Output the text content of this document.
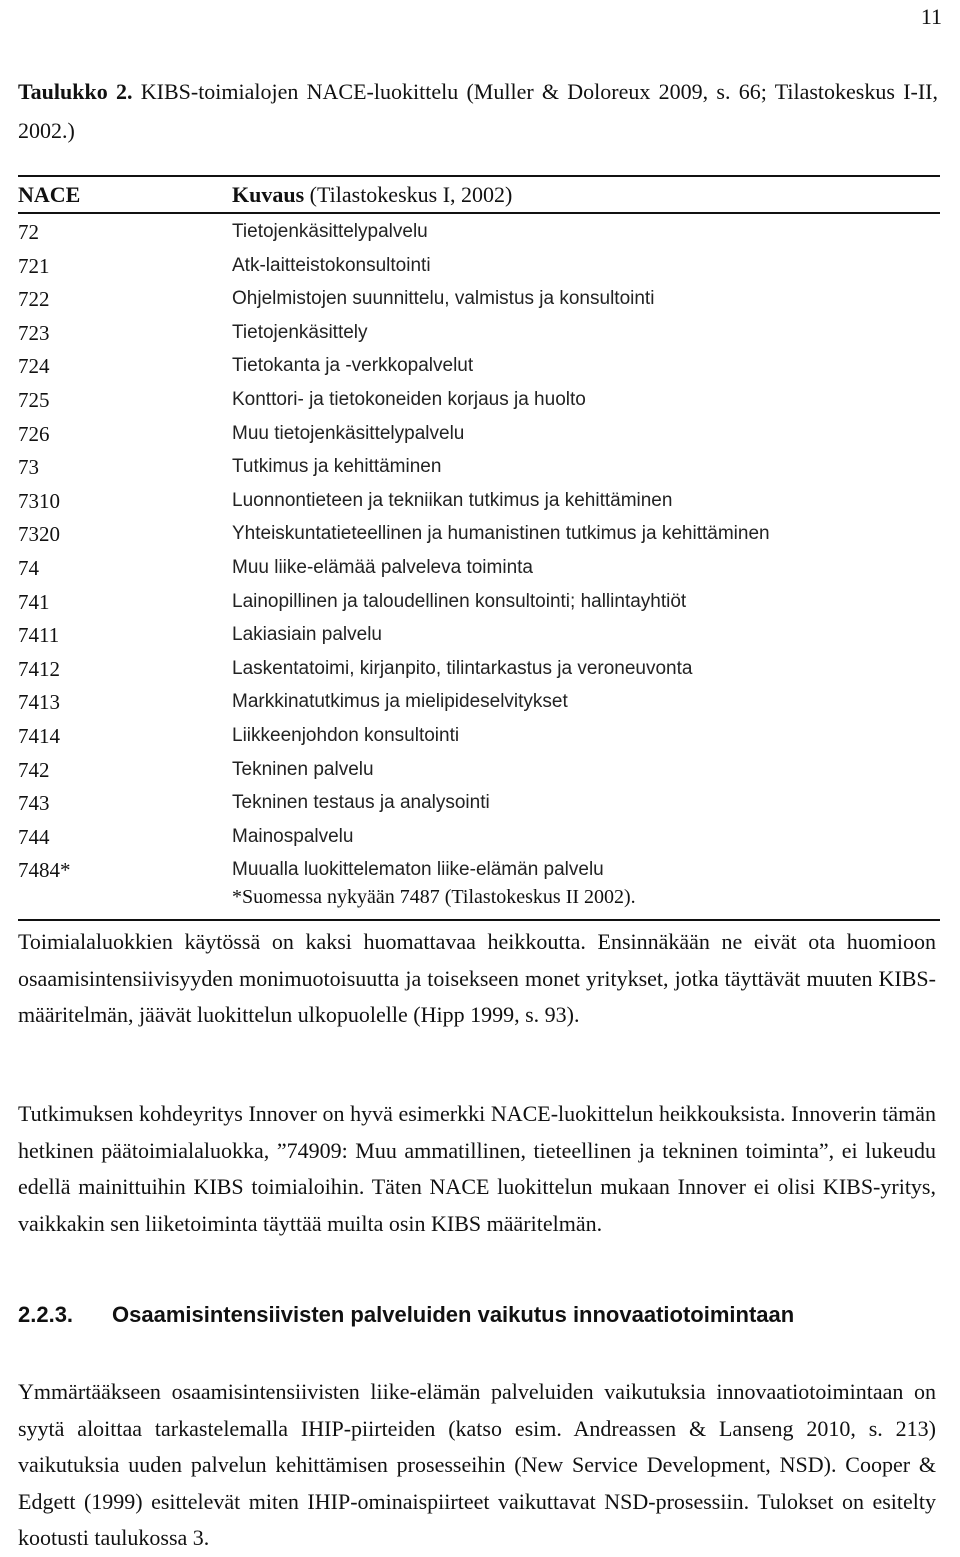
11
Taulukko 2. KIBS-toimialojen NACE-luokittelu (Muller & Doloreux 2009, s. 66; Tilastokeskus I-II, 2002.)
NACE	Kuvaus (Tilastokeskus I, 2002)
72	Tietojenkäsittelypalvelu
721	Atk-laitteistokonsultointi
722	Ohjelmistojen suunnittelu, valmistus ja konsultointi
723	Tietojenkäsittely
724	Tietokanta ja -verkkopalvelut
725	Konttori- ja tietokoneiden korjaus ja huolto
726	Muu tietojenkäsittelypalvelu
73	Tutkimus ja kehittäminen
7310	Luonnontieteen ja tekniikan tutkimus ja kehittäminen
7320	Yhteiskuntatieteellinen ja humanistinen tutkimus ja kehittäminen
74	Muu liike-elämää palveleva toiminta
741	Lainopillinen ja taloudellinen konsultointi; hallintayhtiöt
7411	Lakiasiain palvelu
7412	Laskentatoimi, kirjanpito, tilintarkastus ja veroneuvonta
7413	Markkinatutkimus ja mielipideselvitykset
7414	Liikkeenjohdon konsultointi
742	Tekninen palvelu
743	Tekninen testaus ja analysointi
744	Mainospalvelu
7484*	Muualla luokittelematon liike-elämän palvelu
*Suomessa nykyään 7487 (Tilastokeskus II 2002).
Toimialaluokkien käytössä on kaksi huomattavaa heikkoutta. Ensinnäkään ne eivät ota huomioon osaamisintensiivisyyden monimuotoisuutta ja toisekseen monet yritykset, jotka täyttävät muuten KIBS-määritelmän, jäävät luokittelun ulkopuolelle (Hipp 1999, s. 93).
Tutkimuksen kohdeyritys Innover on hyvä esimerkki NACE-luokittelun heikkouksista. Innoverin tämän hetkinen päätoimialaluokka, ”74909: Muu ammatillinen, tieteellinen ja tekninen toiminta”, ei lukeudu edellä mainittuihin KIBS toimialoihin. Täten NACE luokittelun mukaan Innover ei olisi KIBS-yritys, vaikkakin sen liiketoiminta täyttää muilta osin KIBS määritelmän.
2.2.3. Osaamisintensiivisten palveluiden vaikutus innovaatiotoimintaan
Ymmärtääkseen osaamisintensiivisten liike-elämän palveluiden vaikutuksia innovaatiotoimintaan on syytä aloittaa tarkastelemalla IHIP-piirteiden (katso esim. Andreassen & Lanseng 2010, s. 213) vaikutuksia uuden palvelun kehittämisen prosesseihin (New Service Development, NSD). Cooper & Edgett (1999) esittelevät miten IHIP-ominaispiirteet vaikuttavat NSD-prosessiin. Tulokset on esitelty kootusti taulukossa 3.
